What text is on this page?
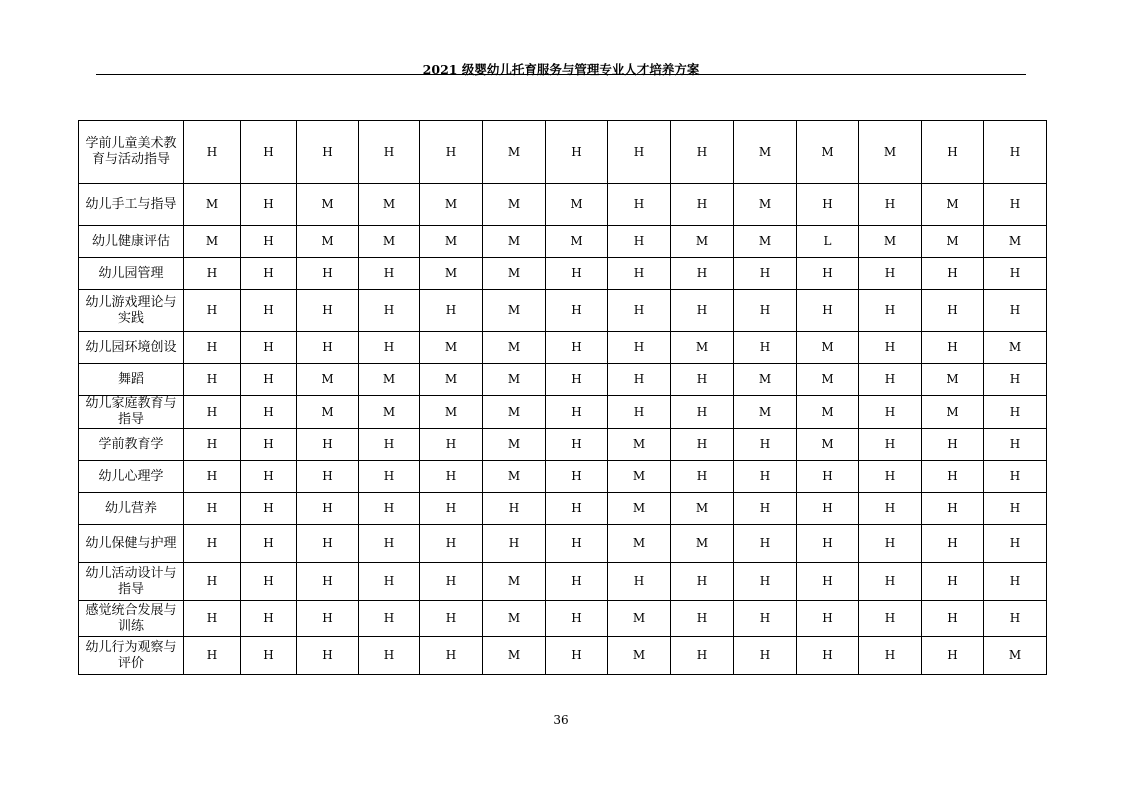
2021 级婴幼儿托育服务与管理专业人才培养方案
学前儿童美术教育与活动指导	H	H	H	H	H	M	H	H	H	M	M	M	H	H
幼儿手工与指导	M	H	M	M	M	M	M	H	H	M	H	H	M	H
幼儿健康评估	M	H	M	M	M	M	M	H	M	M	L	M	M	M
幼儿园管理	H	H	H	H	M	M	H	H	H	H	H	H	H	H
幼儿游戏理论与实践	H	H	H	H	H	M	H	H	H	H	H	H	H	H
幼儿园环境创设	H	H	H	H	M	M	H	H	M	H	M	H	H	M
舞蹈	H	H	M	M	M	M	H	H	H	M	M	H	M	H
幼儿家庭教育与指导	H	H	M	M	M	M	H	H	H	M	M	H	M	H
学前教育学	H	H	H	H	H	M	H	M	H	H	M	H	H	H
幼儿心理学	H	H	H	H	H	M	H	M	H	H	H	H	H	H
幼儿营养	H	H	H	H	H	H	H	M	M	H	H	H	H	H
幼儿保健与护理	H	H	H	H	H	H	H	M	M	H	H	H	H	H
幼儿活动设计与指导	H	H	H	H	H	M	H	H	H	H	H	H	H	H
感觉统合发展与训练	H	H	H	H	H	M	H	M	H	H	H	H	H	H
幼儿行为观察与评价	H	H	H	H	H	M	H	M	H	H	H	H	H	M
36
